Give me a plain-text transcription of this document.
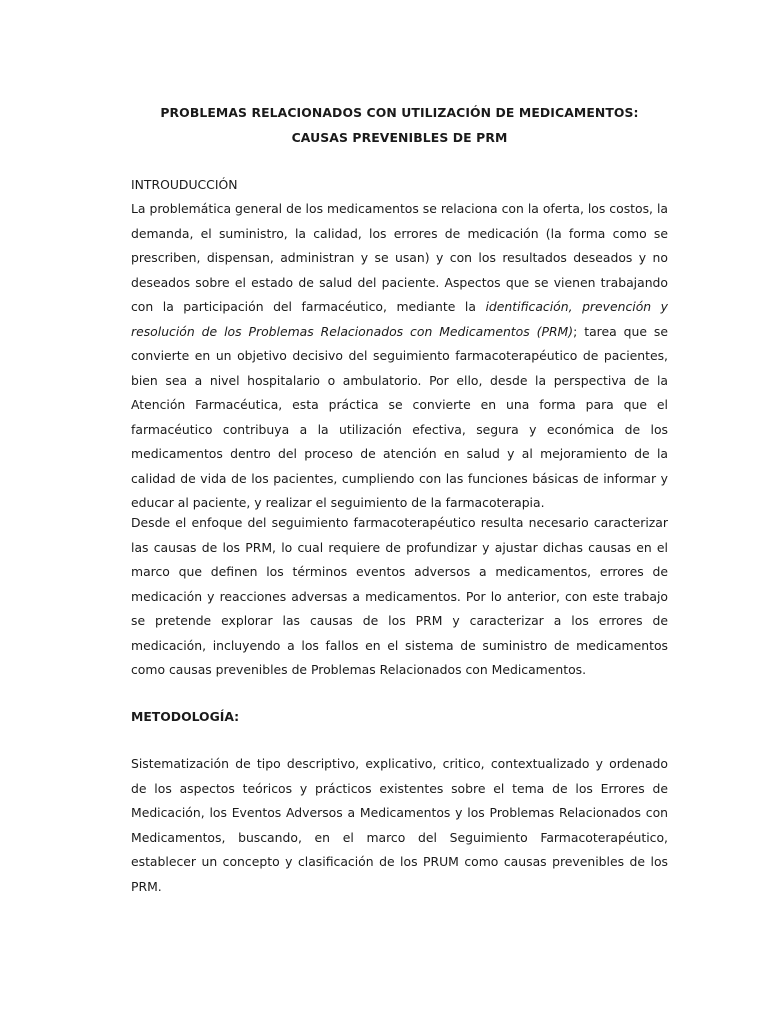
PROBLEMAS RELACIONADOS CON UTILIZACIÓN DE MEDICAMENTOS: CAUSAS PREVENIBLES DE PRM
INTROUDUCCIÓN
La problemática general de los medicamentos se relaciona con la oferta, los costos, la demanda, el suministro, la calidad, los errores de medicación (la forma como se prescriben, dispensan, administran y se usan) y con los resultados deseados y no deseados sobre el estado de salud del paciente. Aspectos que se vienen trabajando con la participación del farmacéutico, mediante la identificación, prevención y resolución de los Problemas Relacionados con Medicamentos (PRM); tarea que se convierte en un objetivo decisivo del seguimiento farmacoterapéutico de pacientes, bien sea a nivel hospitalario o ambulatorio. Por ello, desde la perspectiva de la Atención Farmacéutica, esta práctica se convierte en una forma para que el farmacéutico contribuya a la utilización efectiva, segura y económica de los medicamentos dentro del proceso de atención en salud y al mejoramiento de la calidad de vida de los pacientes, cumpliendo con las funciones básicas de informar y educar al paciente, y realizar el seguimiento de la farmacoterapia.
Desde el enfoque del seguimiento farmacoterapéutico resulta necesario caracterizar las causas de los PRM, lo cual requiere de profundizar y ajustar dichas causas en el marco que definen los términos eventos adversos a medicamentos, errores de medicación y reacciones adversas a medicamentos. Por lo anterior, con este trabajo se pretende explorar las causas de los PRM y caracterizar a los errores de medicación, incluyendo a los fallos en el sistema de suministro de medicamentos como causas prevenibles de Problemas Relacionados con Medicamentos.
METODOLOGÍA:
Sistematización de tipo descriptivo, explicativo, critico, contextualizado y ordenado de los aspectos teóricos y prácticos existentes sobre el tema de los Errores de Medicación, los Eventos Adversos a Medicamentos y los Problemas Relacionados con Medicamentos, buscando, en el marco del Seguimiento Farmacoterapéutico, establecer un concepto y clasificación de los PRUM como causas prevenibles de los PRM.
